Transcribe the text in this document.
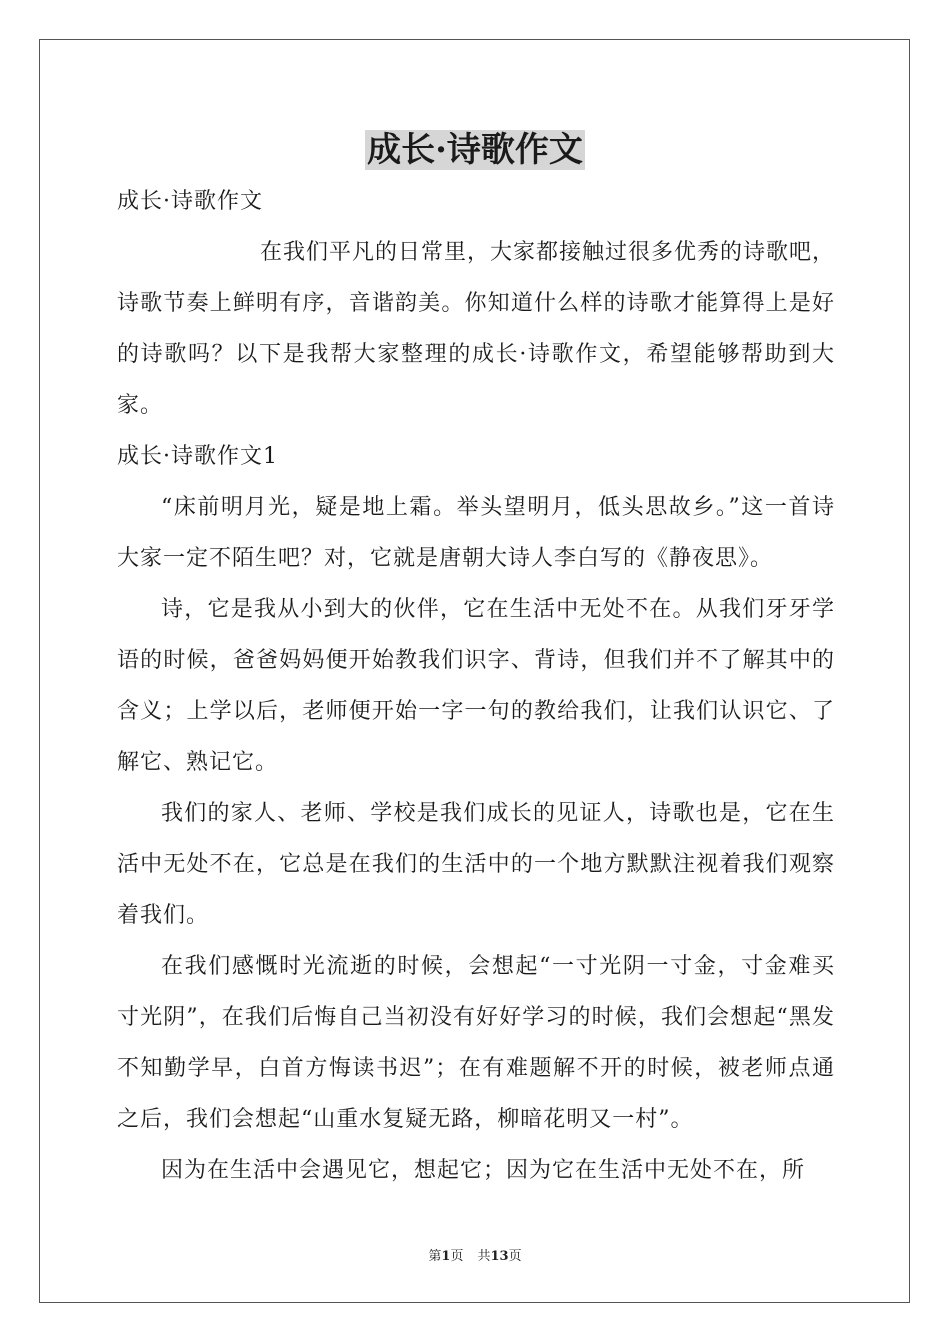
成长·诗歌作文

成长·诗歌作文

在我们平凡的日常里，大家都接触过很多优秀的诗歌吧，诗歌节奏上鲜明有序，音谐韵美。你知道什么样的诗歌才能算得上是好的诗歌吗？以下是我帮大家整理的成长·诗歌作文，希望能够帮助到大家。

成长·诗歌作文1

“床前明月光，疑是地上霜。举头望明月，低头思故乡。”这一首诗大家一定不陌生吧？对，它就是唐朝大诗人李白写的《静夜思》。

诗，它是我从小到大的伙伴，它在生活中无处不在。从我们牙牙学语的时候，爸爸妈妈便开始教我们识字、背诗，但我们并不了解其中的含义；上学以后，老师便开始一字一句的教给我们，让我们认识它、了解它、熟记它。

我们的家人、老师、学校是我们成长的见证人，诗歌也是，它在生活中无处不在，它总是在我们的生活中的一个地方默默注视着我们观察着我们。

在我们感慨时光流逝的时候，会想起“一寸光阴一寸金，寸金难买寸光阴”，在我们后悔自己当初没有好好学习的时候，我们会想起“黑发不知勤学早，白首方悔读书迟”；在有难题解不开的时候，被老师点通之后，我们会想起“山重水复疑无路，柳暗花明又一村”。

因为在生活中会遇见它，想起它；因为它在生活中无处不在，所

第1页 共13页
